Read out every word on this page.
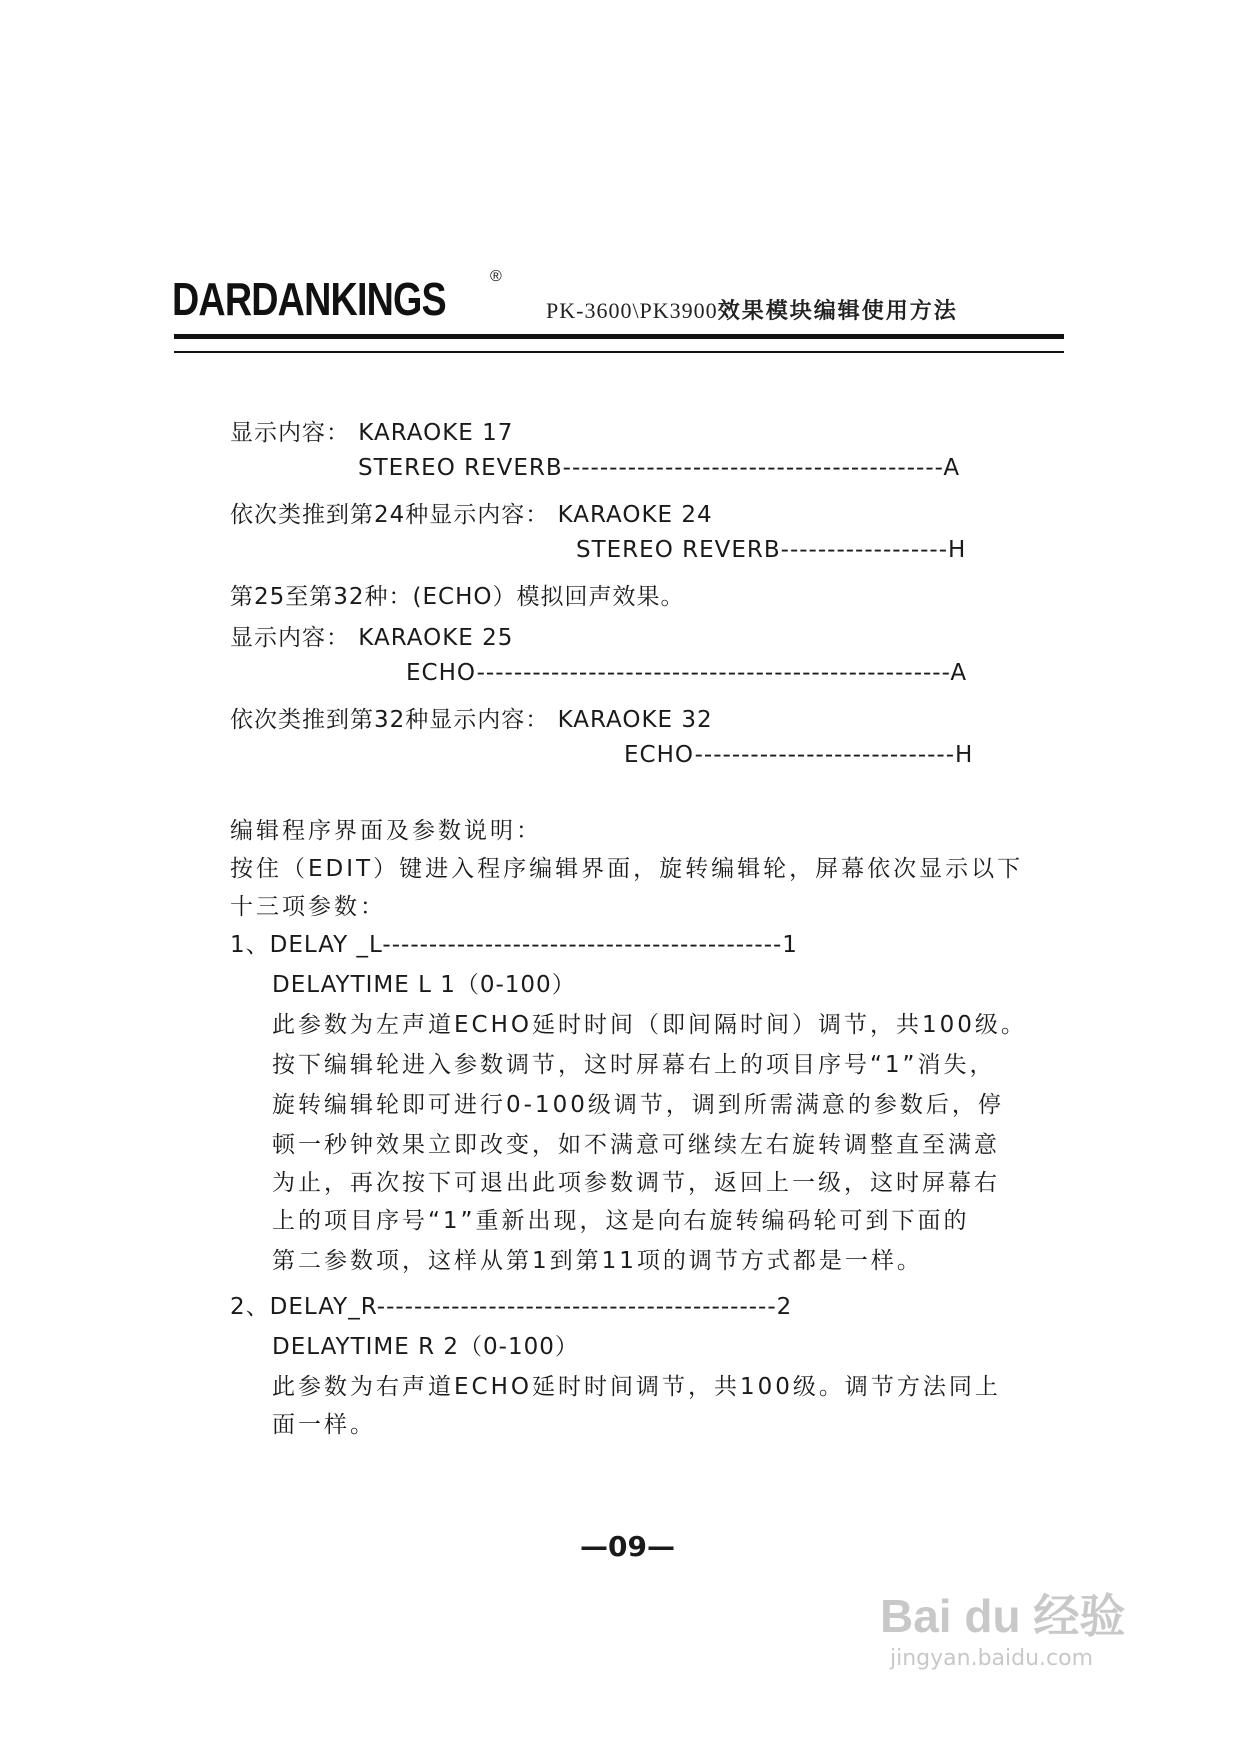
DARDANKINGS	®
PK-3600\PK3900效果模块编辑使用方法
显示内容： KARAOKE 17
STEREO REVERB-----------------------------------------A
依次类推到第24种显示内容： KARAOKE 24
STEREO REVERB------------------H
第25至第32种：(ECHO）模拟回声效果。
显示内容： KARAOKE 25
ECHO---------------------------------------------------A
依次类推到第32种显示内容： KARAOKE 32
ECHO----------------------------H
编辑程序界面及参数说明：
按住（EDIT）键进入程序编辑界面，旋转编辑轮，屏幕依次显示以下
十三项参数：
1、DELAY _L-------------------------------------------1
DELAYTIME L 1（0-100）
此参数为左声道ECHO延时时间（即间隔时间）调节，共100级。
按下编辑轮进入参数调节，这时屏幕右上的项目序号“1”消失，
旋转编辑轮即可进行0-100级调节，调到所需满意的参数后，停
顿一秒钟效果立即改变，如不满意可继续左右旋转调整直至满意
为止，再次按下可退出此项参数调节，返回上一级，这时屏幕右
上的项目序号“1”重新出现，这是向右旋转编码轮可到下面的
第二参数项，这样从第1到第11项的调节方式都是一样。
2、DELAY_R-------------------------------------------2
DELAYTIME R 2（0-100）
此参数为右声道ECHO延时时间调节，共100级。调节方法同上
面一样。
—09—
Bai du 经验
jingyan.baidu.com
